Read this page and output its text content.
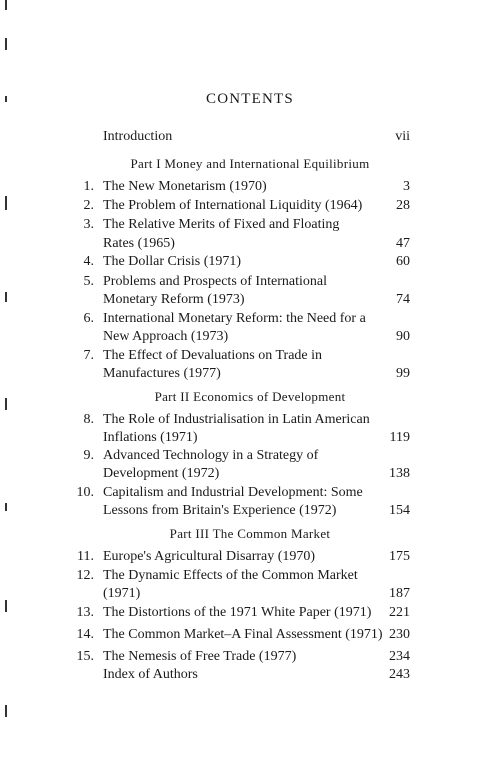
CONTENTS
Introduction	vii
Part I Money and International Equilibrium
1. The New Monetarism (1970)	3
2. The Problem of International Liquidity (1964) 28
3. The Relative Merits of Fixed and Floating
Rates (1965)	47
4. The Dollar Crisis (1971)	60
5. Problems and Prospects of International
Monetary Reform (1973)	74
6. International Monetary Reform: the Need for a
New Approach (1973)	90
7. The Effect of Devaluations on Trade in
Manufactures (1977)	99
Part II Economics of Development
8. The Role of Industrialisation in Latin American
Inflations (1971)	119
9. Advanced Technology in a Strategy of
Development (1972)	138
10. Capitalism and Industrial Development: Some
Lessons from Britain's Experience (1972)	154
Part III The Common Market
11. Europe's Agricultural Disarray (1970)	175
12. The Dynamic Effects of the Common Market
(1971)	187
13. The Distortions of the 1971 White Paper (1971) 221
14. The Common Market–A Final Assessment (1971) 230
15. The Nemesis of Free Trade (1977)	234
Index of Authors	243
